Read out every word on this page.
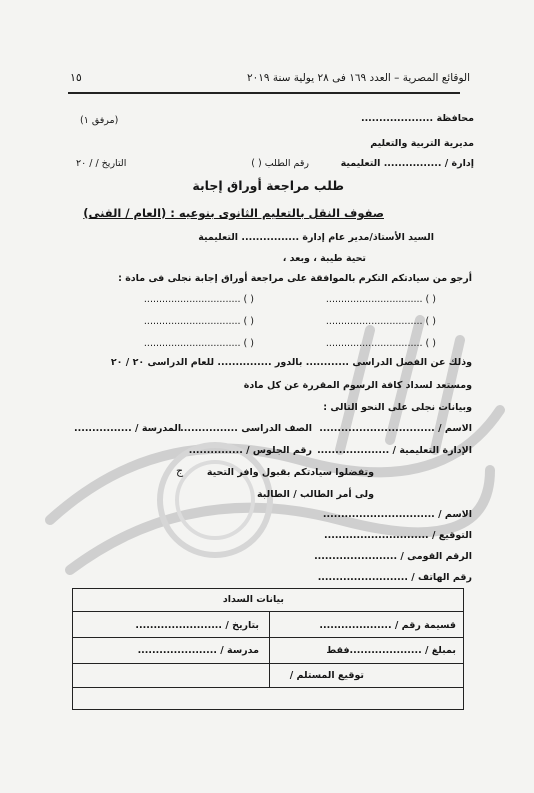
١٥	الوقائع المصرية – العدد ١٦٩ فى ٢٨ يولية سنة ٢٠١٩
محافظة ....................
(مرفق ١)
مديرية التربية والتعليم
إدارة / ................ التعليمية
رقم الطلب ( )
التاريخ / / ٢٠
طلب مراجعة أوراق إجابة
صفوف النقل بالتعليم الثانوى بنوعيه : (العام / الفنى)
السيد الأستاذ/مدير عام إدارة ................ التعليمية
تحية طيبة ، وبعد ،
أرجو من سيادتكم التكرم بالموافقة على مراجعة أوراق إجابة نجلى فى مادة :
( ) ................................
( ) ................................
( ) ................................
( ) ................................
( ) ................................
( ) ................................
وذلك عن الفصل الدراسى ............ بالدور ............... للعام الدراسى ٢٠ / ٢٠
ومستعد لسداد كافة الرسوم المقررة عن كل مادة
وبيانات نجلى على النحو التالى :
الاسم / ................................
الصف الدراسى ................
المدرسة / ................
الإدارة التعليمية / ....................
رقم الجلوس / ...............
وتفضلوا سيادتكم بقبول وافر التحية
ج
ولى أمر الطالب / الطالبة
الاسم / ...............................
التوقيع / .............................
الرقم القومى / .......................
رقم الهاتف / .........................
بيانات السداد
قسيمة رقم / ....................
بتاريخ / ........................
بمبلغ / ....................فقط
مدرسة / ......................
توقيع المستلم /
